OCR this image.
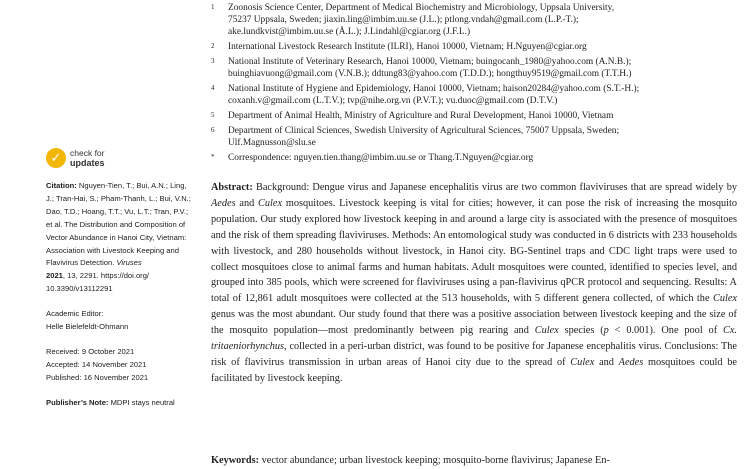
1	Zoonosis Science Center, Department of Medical Biochemistry and Microbiology, Uppsala University,
75237 Uppsala, Sweden; jiaxin.ling@imbim.uu.se (J.L.); ptlong.vndah@gmail.com (L.P.-T.);
ake.lundkvist@imbim.uu.se (Å.L.); J.Lindahl@cgiar.org (J.F.L.)
2	International Livestock Research Institute (ILRI), Hanoi 10000, Vietnam; H.Nguyen@cgiar.org
3	National Institute of Veterinary Research, Hanoi 10000, Vietnam; buingocanh_1980@yahoo.com (A.N.B.);
buinghiavuong@gmail.com (V.N.B.); ddtung83@yahoo.com (T.D.D.); hongthuy9519@gmail.com (T.T.H.)
4	National Institute of Hygiene and Epidemiology, Hanoi 10000, Vietnam; haison20284@yahoo.com (S.T.-H.);
coxanh.v@gmail.com (L.T.V.); tvp@nihe.org.vn (P.V.T.); vu.duoc@gmail.com (D.T.V.)
5	Department of Animal Health, Ministry of Agriculture and Rural Development, Hanoi 10000, Vietnam
6	Department of Clinical Sciences, Swedish University of Agricultural Sciences, 75007 Uppsala, Sweden;
Ulf.Magnusson@slu.se
*	Correspondence: nguyen.tien.thang@imbim.uu.se or Thang.T.Nguyen@cgiar.org
✓	check for
updates

Citation: Nguyen-Tien, T.; Bui, A.N.; Ling, J.; Tran-Hai, S.; Pham-Thanh, L.; Bui, V.N.; Dao, T.D.; Hoang, T.T.; Vu, L.T.; Tran, P.V.; et al. The Distribution and Composition of Vector Abundance in Hanoi City, Vietnam: Association with Livestock Keeping and Flavivirus Detection. Viruses
2021, 13, 2291. https://doi.org/ 10.3390/v13112291

Academic Editor:
Helle Bielefeldt-Ohmann

Received: 9 October 2021
Accepted: 14 November 2021
Published: 16 November 2021

Publisher’s Note: MDPI stays neutral

Abstract: Background: Dengue virus and Japanese encephalitis virus are two common flaviviruses that are spread widely by Aedes and Culex mosquitoes. Livestock keeping is vital for cities; however, it can pose the risk of increasing the mosquito population. Our study explored how livestock keeping in and around a large city is associated with the presence of mosquitoes and the risk of them spreading flaviviruses. Methods: An entomological study was conducted in 6 districts with 233 households with livestock, and 280 households without livestock, in Hanoi city. BG-Sentinel traps and CDC light traps were used to collect mosquitoes close to animal farms and human habitats. Adult mosquitoes were counted, identified to species level, and grouped into 385 pools, which were screened for flaviviruses using a pan-flavivirus qPCR protocol and sequencing. Results: A total of 12,861 adult mosquitoes were collected at the 513 households, with 5 different genera collected, of which the Culex genus was the most abundant. Our study found that there was a positive association between livestock keeping and the size of the mosquito population—most predominantly between pig rearing and Culex species (p < 0.001). One pool of Cx. tritaeniorhynchus, collected in a peri-urban district, was found to be positive for Japanese encephalitis virus. Conclusions: The risk of flavivirus transmission in urban areas of Hanoi city due to the spread of Culex and Aedes mosquitoes could be facilitated by livestock keeping.

Keywords: vector abundance; urban livestock keeping; mosquito-borne flavivirus; Japanese En-
